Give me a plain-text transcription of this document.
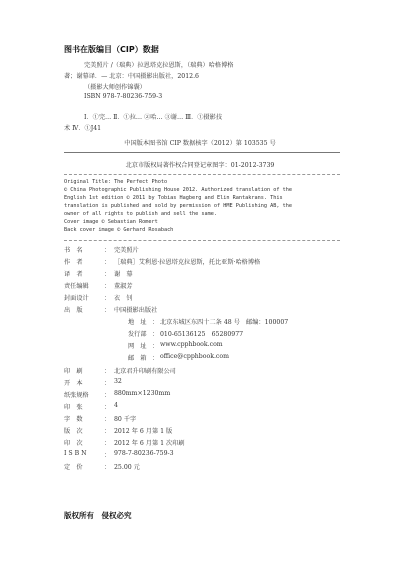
图书在版编目（CIP）数据
完美照片 /（瑞典）拉恩塔克拉恩斯，（瑞典）哈格博格
著；谢幕译．— 北京：中国摄影出版社，2012.6
（摄影大师创作锦囊）
ISBN 978-7-80236-759-3
Ⅰ．①完… Ⅱ．①拉… ②哈… ③谢… Ⅲ．①摄影技
术 Ⅳ．①J41
中国版本图书馆 CIP 数据核字（2012）第 103535 号
北京市版权局著作权合同登记章图字：01-2012-3739
Original Title: The Perfect Photo
© China Photographic Publishing House 2012. Authorized translation of the
English 1st edition © 2011 by Tobias Hagberg and Elin Rantakrans. This
translation is published and sold by permission of HME Publishing AB, the
owner of all rights to publish and sell the same.
Cover image © Sebastian Romert
Back cover image © Gerhard Rosabach
书　名	： 完美照片
作　者	： ［瑞典］艾利恩·拉恩塔克拉恩斯，托比亚斯·哈格博格
译　者	： 谢　幕
责任编辑	： 董淑芳
封面设计	： 衣　钊
出　版	： 中国摄影出版社
地　址 ： 北京东城区东四十二条 48 号　邮编：100007
发行部 ： 010-65136125　65280977
网　址 ： www.cpphbook.com
邮　箱 ： office@cpphbook.com
印　刷	： 北京君升印刷有限公司
开　本	： 32
纸张规格	： 880mm×1230mm
印　张	： 4
字　数	： 80 千字
版　次	： 2012 年 6 月第 1 版
印　次	： 2012 年 6 月第 1 次印刷
I S B N	： 978-7-80236-759-3
定　价	： 25.00 元
版权所有　侵权必究
